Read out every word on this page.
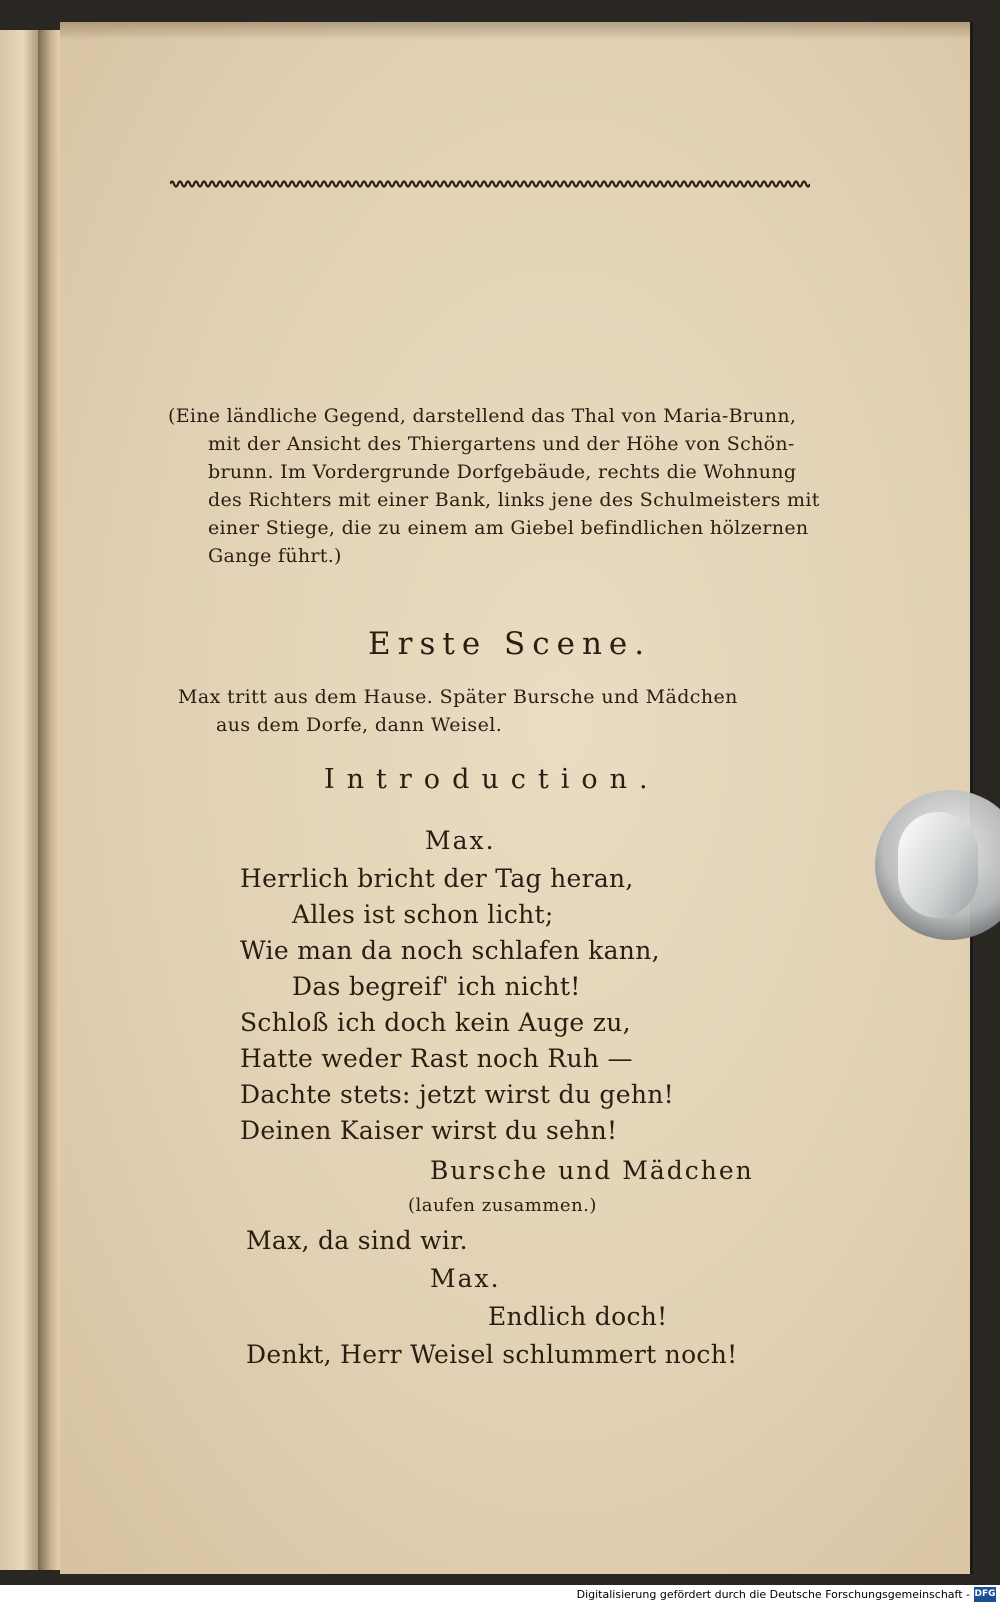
(Eine ländliche Gegend, darstellend das Thal von Maria-Brunn,
mit der Ansicht des Thiergartens und der Höhe von Schön-
brunn. Im Vordergrunde Dorfgebäude, rechts die Wohnung
des Richters mit einer Bank, links jene des Schulmeisters mit
einer Stiege, die zu einem am Giebel befindlichen hölzernen
Gange führt.)
Erste Scene.
Max tritt aus dem Hause. Später Bursche und Mädchen
aus dem Dorfe, dann Weisel.
Introduction.
Max.
Herrlich bricht der Tag heran,
Alles ist schon licht;
Wie man da noch schlafen kann,
Das begreif' ich nicht!
Schloß ich doch kein Auge zu,
Hatte weder Rast noch Ruh —
Dachte stets: jetzt wirst du gehn!
Deinen Kaiser wirst du sehn!
Bursche und Mädchen
(laufen zusammen.)
Max, da sind wir.
Max.
Endlich doch!
Denkt, Herr Weisel schlummert noch!
Digitalisierung gefördert durch die Deutsche Forschungsgemeinschaft - DFG
